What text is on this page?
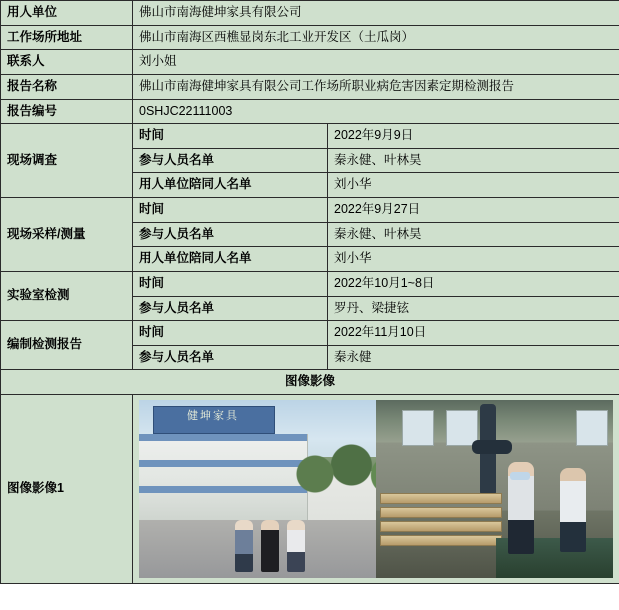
用人单位	佛山市南海健坤家具有限公司	
工作场所地址	佛山市南海区西樵显岗东北工业开发区（土瓜岗）	
联系人	刘小姐	
报告名称	佛山市南海健坤家具有限公司工作场所职业病危害因素定期检测报告	
报告编号	0SHJC22111003	
现场调查	时间	2022年9月9日
	参与人员名单	秦永健、叶林昊
	用人单位陪同人名单	刘小华
现场采样/测量	时间	2022年9月27日
	参与人员名单	秦永健、叶林昊
	用人单位陪同人名单	刘小华
实验室检测	时间	2022年10月1~8日
	参与人员名单	罗丹、梁捷铉
编制检测报告	时间	2022年11月10日
	参与人员名单	秦永健
图像影像		
图像影像1	健坤家具	
